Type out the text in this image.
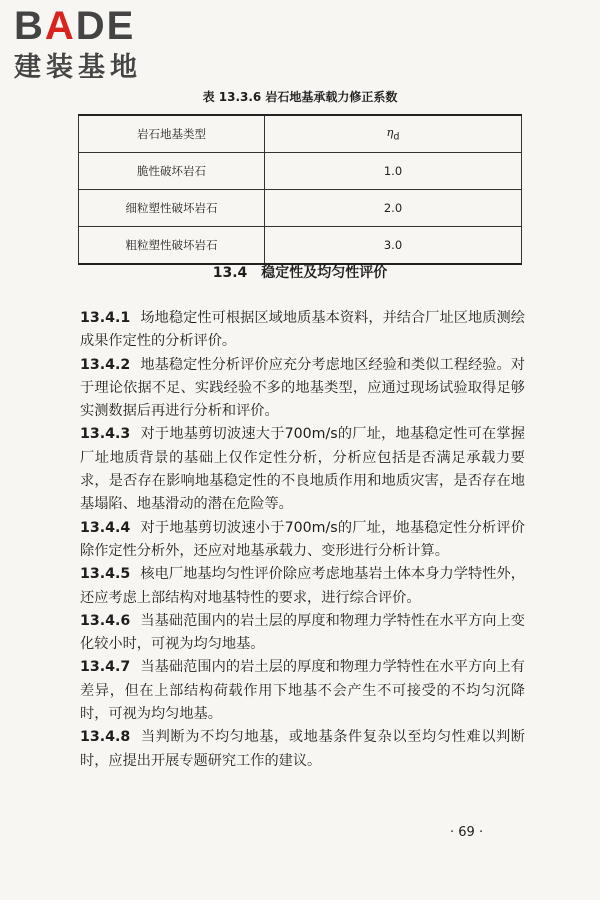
BADE
建装基地
表 13.3.6 岩石地基承载力修正系数
岩石地基类型	$\eta_d$
脆性破坏岩石	1.0
细粒塑性破坏岩石	2.0
粗粒塑性破坏岩石	3.0
13.4 稳定性及均匀性评价

13.4.1 场地稳定性可根据区域地质基本资料，并结合厂址区地质测绘成果作定性的分析评价。

13.4.2 地基稳定性分析评价应充分考虑地区经验和类似工程经验。对于理论依据不足、实践经验不多的地基类型，应通过现场试验取得足够实测数据后再进行分析和评价。

13.4.3 对于地基剪切波速大于700m/s的厂址，地基稳定性可在掌握厂址地质背景的基础上仅作定性分析，分析应包括是否满足承载力要求，是否存在影响地基稳定性的不良地质作用和地质灾害，是否存在地基塌陷、地基滑动的潜在危险等。

13.4.4 对于地基剪切波速小于700m/s的厂址，地基稳定性分析评价除作定性分析外，还应对地基承载力、变形进行分析计算。

13.4.5 核电厂地基均匀性评价除应考虑地基岩土体本身力学特性外，还应考虑上部结构对地基特性的要求，进行综合评价。

13.4.6 当基础范围内的岩土层的厚度和物理力学特性在水平方向上变化较小时，可视为均匀地基。

13.4.7 当基础范围内的岩土层的厚度和物理力学特性在水平方向上有差异，但在上部结构荷载作用下地基不会产生不可接受的不均匀沉降时，可视为均匀地基。

13.4.8 当判断为不均匀地基，或地基条件复杂以至均匀性难以判断时，应提出开展专题研究工作的建议。

· 69 ·
